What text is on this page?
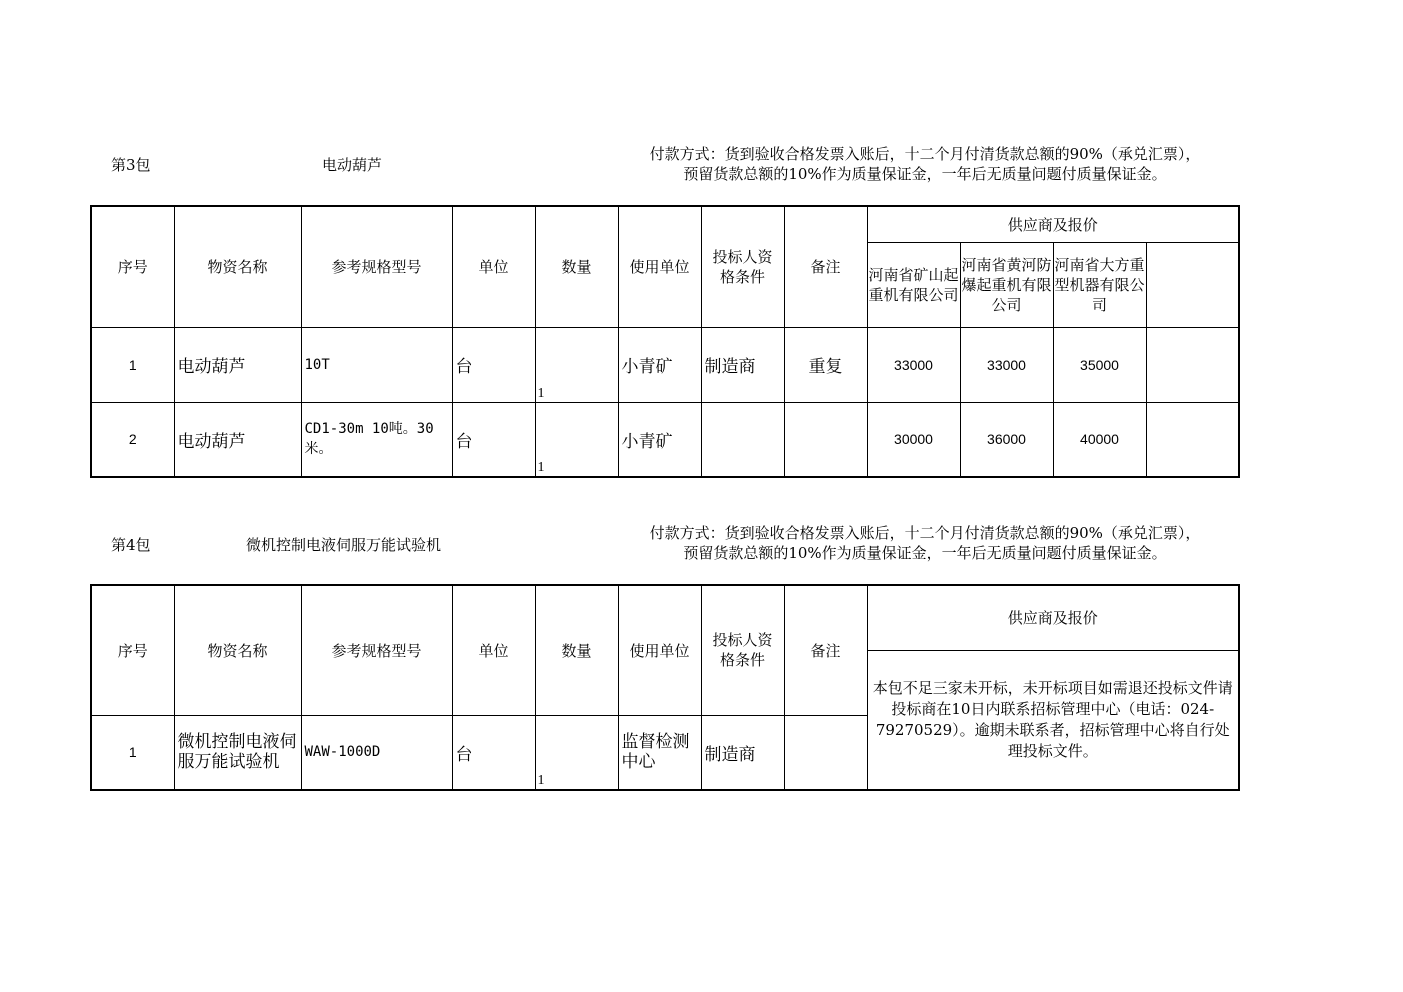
第3包	电动葫芦
付款方式：货到验收合格发票入账后，十二个月付清货款总额的90%（承兑汇票），
预留货款总额的10%作为质量保证金，一年后无质量问题付质量保证金。
序号	物资名称	参考规格型号	单位	数量	使用单位	投标人资格条件	备注	供应商及报价			
								河南省矿山起重机有限公司	河南省黄河防爆起重机有限公司	河南省大方重型机器有限公司	
1	电动葫芦	10T	台	1	小青矿	制造商	重复	33000	33000	35000	
2	电动葫芦	CD1-30m 10吨。30米。	台	1	小青矿			30000	36000	40000	
第4包	微机控制电液伺服万能试验机
付款方式：货到验收合格发票入账后，十二个月付清货款总额的90%（承兑汇票），
预留货款总额的10%作为质量保证金，一年后无质量问题付质量保证金。
序号	物资名称	参考规格型号	单位	数量	使用单位	投标人资格条件	备注	供应商及报价
								本包不足三家未开标，未开标项目如需退还投标文件请投标商在10日内联系招标管理中心（电话：024-79270529）。逾期未联系者，招标管理中心将自行处理投标文件。
1	微机控制电液伺服万能试验机	WAW-1000D	台	1	监督检测中心	制造商		
